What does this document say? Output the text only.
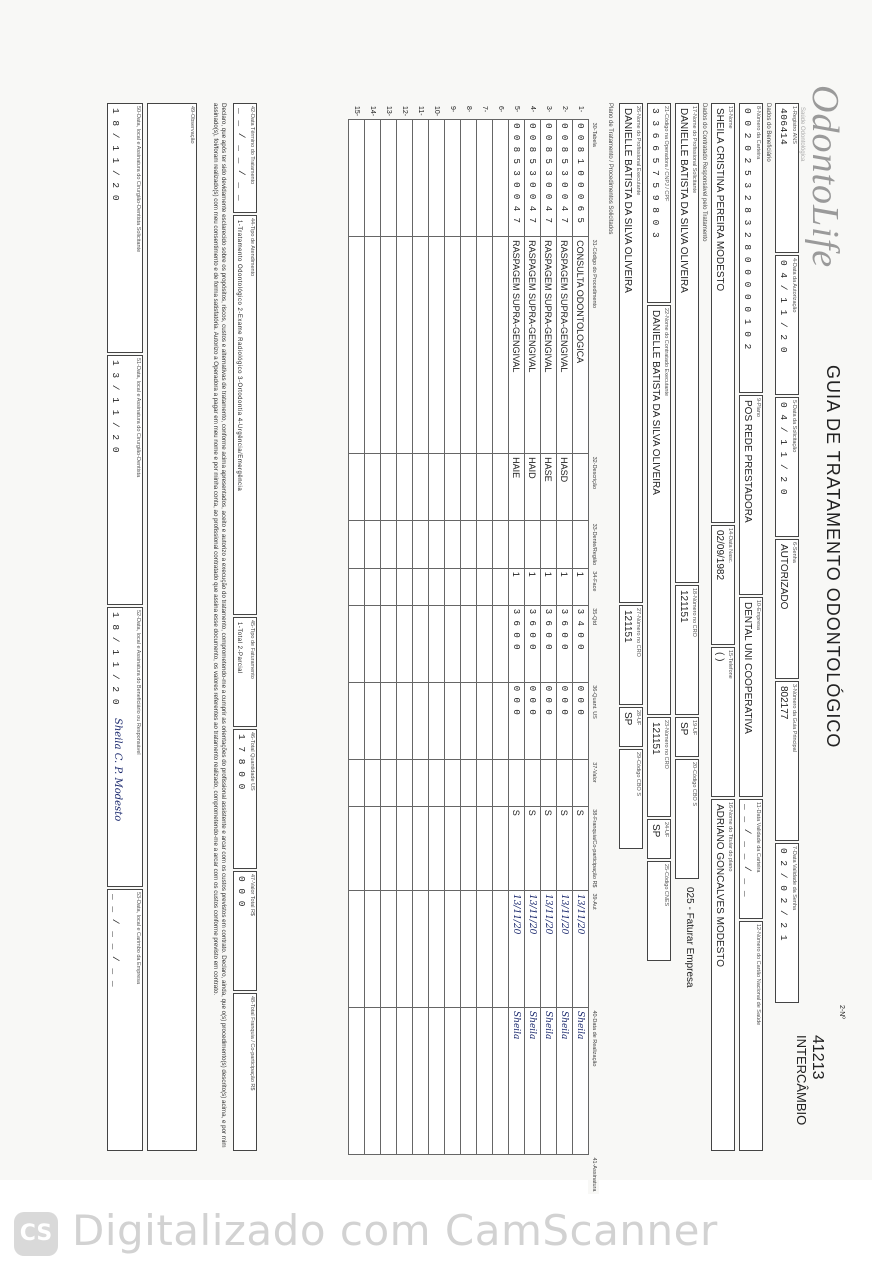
OdontoLife
Saúde Odontológica
GUIA DE TRATAMENTO ODONTOLÓGICO
2-Nº
41213
INTERCÂMBIO
1-Registro ANS
406414
4-Data da Autorização
0 4 / 1 1 / 2 0
5-Data da Solicitação
0 4 / 1 1 / 2 0
6-Senha
AUTORIZADO
3-Número da Guia Principal
802177
7-Data Validade da Senha
0 2 / 0 2 / 2 1
Dados do Beneficiário
8-Número da Carteira
0 0 2 0 2 5 3 2 8 3 2 8 0 0 0 0 0 1 0 2
9-Plano
POS REDE PRESTADORA
10-Empresa
DENTAL UNI COOPERATIVA
11-Data Validade da Carteira
_ _ / _ _ / _ _
12-Número do Cartão Nacional de Saúde
13-Nome
SHEILA CRISTINA PEREIRA MODESTO
14-Data Nasc.
02/09/1982
15-Telefone
( )
16-Nome do Titular do plano
ADRIANO GONCALVES MODESTO
Dados do Contratado Responsável pelo Tratamento
17-Nome do Profissional Solicitante
DANIELLE BATISTA DA SILVA OLIVEIRA
18-Número no CRO
121151
19-UF
SP
20-Código CBO S
025 - Faturar Empresa
21-Código na Operadora / CNPJ / CPF
3 3 6 6 5 7 5 9 8 0 3
22-Nome do Contratado Executante
DANIELLE BATISTA DA SILVA OLIVEIRA
23-Número no CRO
121151
24-UF
SP
25-Código CNES
26-Nome do Profissional Executante
DANIELLE BATISTA DA SILVA OLIVEIRA
27-Número no CRO
121151
28-UF
SP
29-Código CBO S
Plano de Tratamento / Procedimentos Solicitados
	30-Tabela	31-Código do Procedimento	32-Descrição	33-Dente/Região	34-Face	35-Qtd	36-Quant. US	37-Valor	38-Franquia/Co-participação R$	39-Aut	40-Data de Realização	41-Assinatura
1-	0 0 8 1 0 0 0 6 5	CONSULTA ODONTOLOGICA			1	3 4 0 0	0 0 0		S	13/11/20	Sheila	
2-	0 0 8 5 3 0 0 4 7	RASPAGEM SUPRA-GENGIVAL	HASD		1	3 6 0 0	0 0 0		S	13/11/20	Sheila	
3-	0 0 8 5 3 0 0 4 7	RASPAGEM SUPRA-GENGIVAL	HASE		1	3 6 0 0	0 0 0		S	13/11/20	Sheila	
4-	0 0 8 5 3 0 0 4 7	RASPAGEM SUPRA-GENGIVAL	HAID		1	3 6 0 0	0 0 0		S	13/11/20	Sheila	
5-	0 0 8 5 3 0 0 4 7	RASPAGEM SUPRA-GENGIVAL	HAIE		1	3 6 0 0	0 0 0		S	13/11/20	Sheila	
6-												
7-												
8-												
9-												
10-												
11-												
12-												
13-												
14-												
15-												
42-Data Término do Tratamento
_ _ / _ _ / _ _
44-Tipo de Atendimento
1-Tratamento Odontológico 2-Exame Radiológico 3-Ortodontia 4-Urgência/Emergência
45-Tipo de Faturamento
1-Total 2-Parcial
46-Total Quantidade US
1 7 8 0 0
47-Valor Total R$
0 0 0
48-Total Franquia / Co-participação R$
Declaro, que após ter sido devidamente esclarecido sobre os propósitos, riscos, custos e alternativas de tratamento, conforme acima apresentados, aceito e autorizo a execução do tratamento, comprometendo-me a cumprir as orientações do profissional assistente e arcar com os custos previstos em contrato. Declaro, ainda, que o(s) procedimento(s) descrito(s) acima, e por mim assinado(s), foi/foram realizado(s) com meu consentimento e de forma satisfatória. Autorizo a Operadora a pagar em meu nome e por minha conta, ao profissional contratado que assina esse documento, os valores referentes ao tratamento realizado, comprometendo-me a arcar com os custos conforme previsto em contrato.
49-Observação
50-Data, local e Assinatura do Cirurgião-Dentista Solicitante
1 8 / 1 1 / 2 0
51-Data, local e Assinatura do Cirurgião-Dentista
1 3 / 1 1 / 2 0
52-Data, local e Assinatura do Beneficiário ou Responsável
1 8 / 1 1 / 2 0
Sheila C. P. Modesto
53-Data, local e Carimbo da Empresa
_ _ / _ _ / _ _
CS Digitalizado com CamScanner
